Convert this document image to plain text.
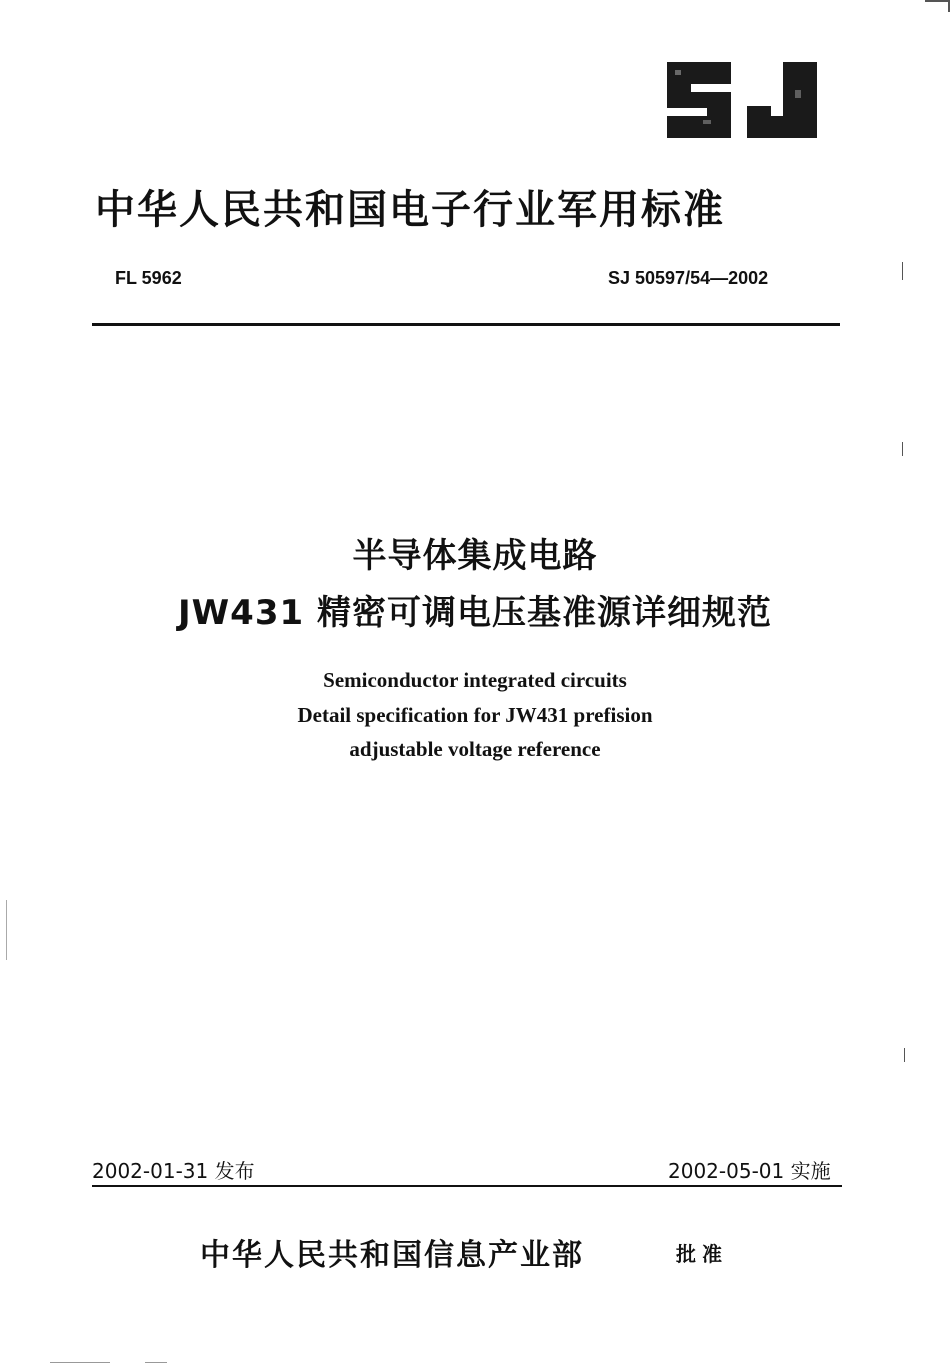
中华人民共和国电子行业军用标准
FL 5962	SJ 50597/54—2002
半导体集成电路
JW431 精密可调电压基准源详细规范
Semiconductor integrated circuits
Detail specification for JW431 prefision
adjustable voltage reference
2002-01-31 发布	2002-05-01 实施
中华人民共和国信息产业部	批准
